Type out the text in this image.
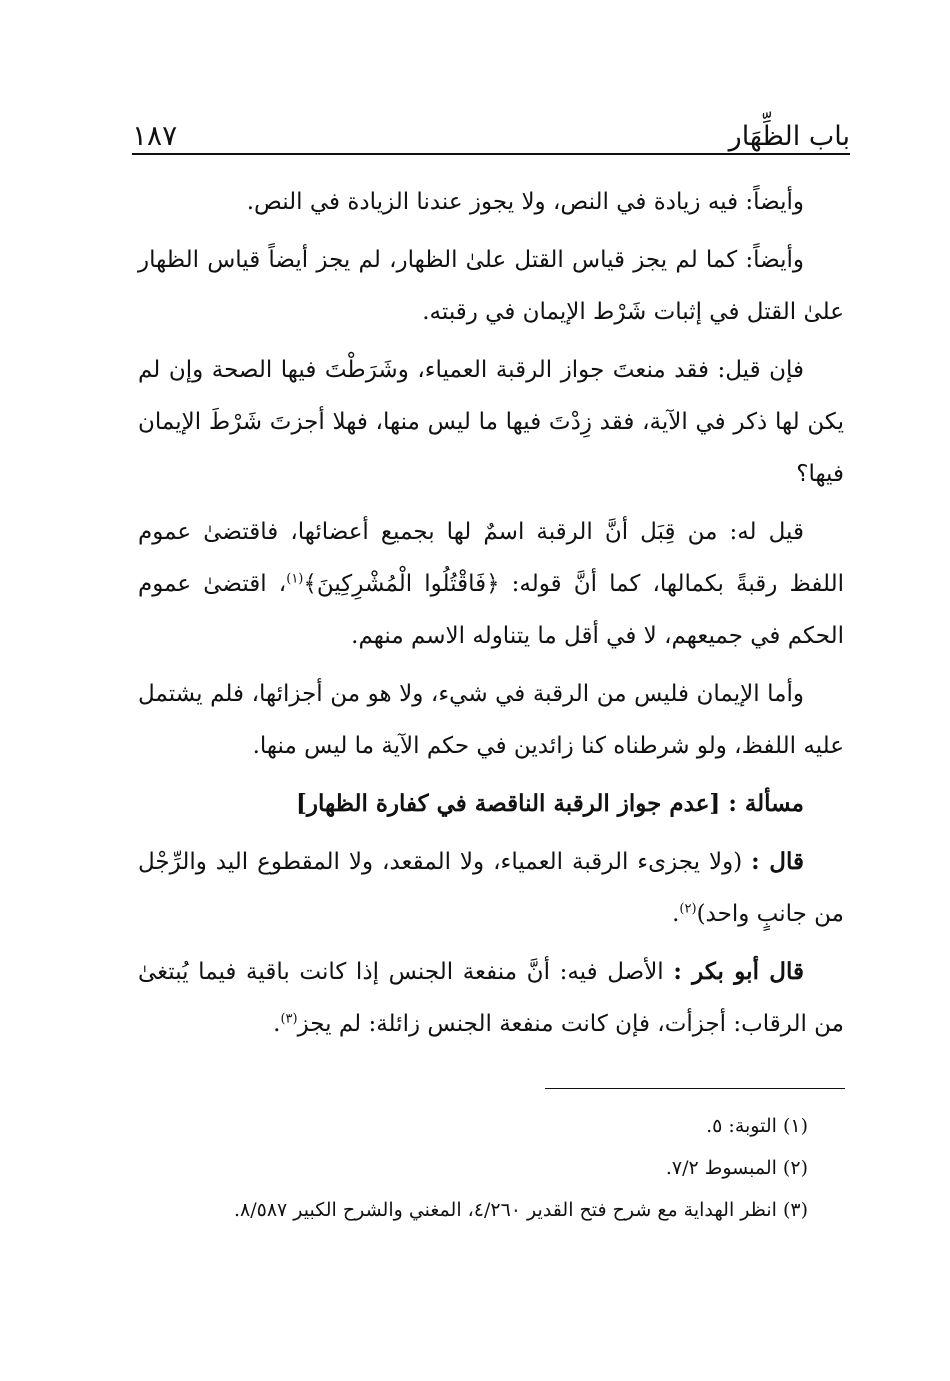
باب الظِّهَار
١٨٧

وأيضاً: فيه زيادة في النص، ولا يجوز عندنا الزيادة في النص.

وأيضاً: كما لم يجز قياس القتل علىٰ الظهار، لم يجز أيضاً قياس الظهار علىٰ القتل في إثبات شَرْط الإيمان في رقبته.

فإن قيل: فقد منعتَ جواز الرقبة العمياء، وشَرَطْتَ فيها الصحة وإن لم يكن لها ذكر في الآية، فقد زِدْتَ فيها ما ليس منها، فهلا أجزتَ شَرْطَ الإيمان فيها؟

قيل له: من قِبَل أنَّ الرقبة اسمٌ لها بجميع أعضائها، فاقتضىٰ عموم اللفظ رقبةً بكمالها، كما أنَّ قوله: ﴿فَاقْتُلُوا الْمُشْرِكِينَ﴾$^{(١)}$، اقتضىٰ عموم الحكم في جميعهم، لا في أقل ما يتناوله الاسم منهم.

وأما الإيمان فليس من الرقبة في شيء، ولا هو من أجزائها، فلم يشتمل عليه اللفظ، ولو شرطناه كنا زائدين في حكم الآية ما ليس منها.

مسألة : [عدم جواز الرقبة الناقصة في كفارة الظهار]

قال : (ولا يجزىء الرقبة العمياء، ولا المقعد، ولا المقطوع اليد والرِّجْل من جانبٍ واحد)$^{(٢)}$.

قال أبو بكر : الأصل فيه: أنَّ منفعة الجنس إذا كانت باقية فيما يُبتغىٰ من الرقاب: أجزأت، فإن كانت منفعة الجنس زائلة: لم يجز$^{(٣)}$.

(١) التوبة: ٥.
(٢) المبسوط ٧/٢.
(٣) انظر الهداية مع شرح فتح القدير ٤/٢٦٠، المغني والشرح الكبير ٨/٥٨٧.
